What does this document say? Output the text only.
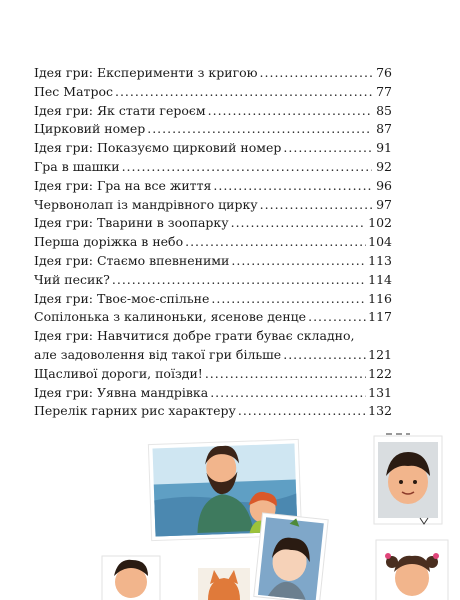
Ідея гри: Експерименти з кригою .....	76
Пес Матрос .....	77
Ідея гри: Як стати героєм .....	85
Цирковий номер .....	87
Ідея гри: Показуємо цирковий номер .....	91
Гра в шашки .....	92
Ідея гри: Гра на все життя .....	96
Червонолап із мандрівного цирку .....	97
Ідея гри: Тварини в зоопарку .....	102
Перша доріжка в небо .....	104
Ідея гри: Стаємо впевненими .....	113
Чий песик? .....	114
Ідея гри: Твоє-моє-спільне .....	116
Сопілонька з калиноньки, ясенове денце .....	117
Ідея гри: Навчитися добре грати буває складно,
але задоволення від такої гри більше .....	121
Щасливої дороги, поїзди! .....	122
Ідея гри: Уявна мандрівка .....	131
Перелік гарних рис характеру .....	132
